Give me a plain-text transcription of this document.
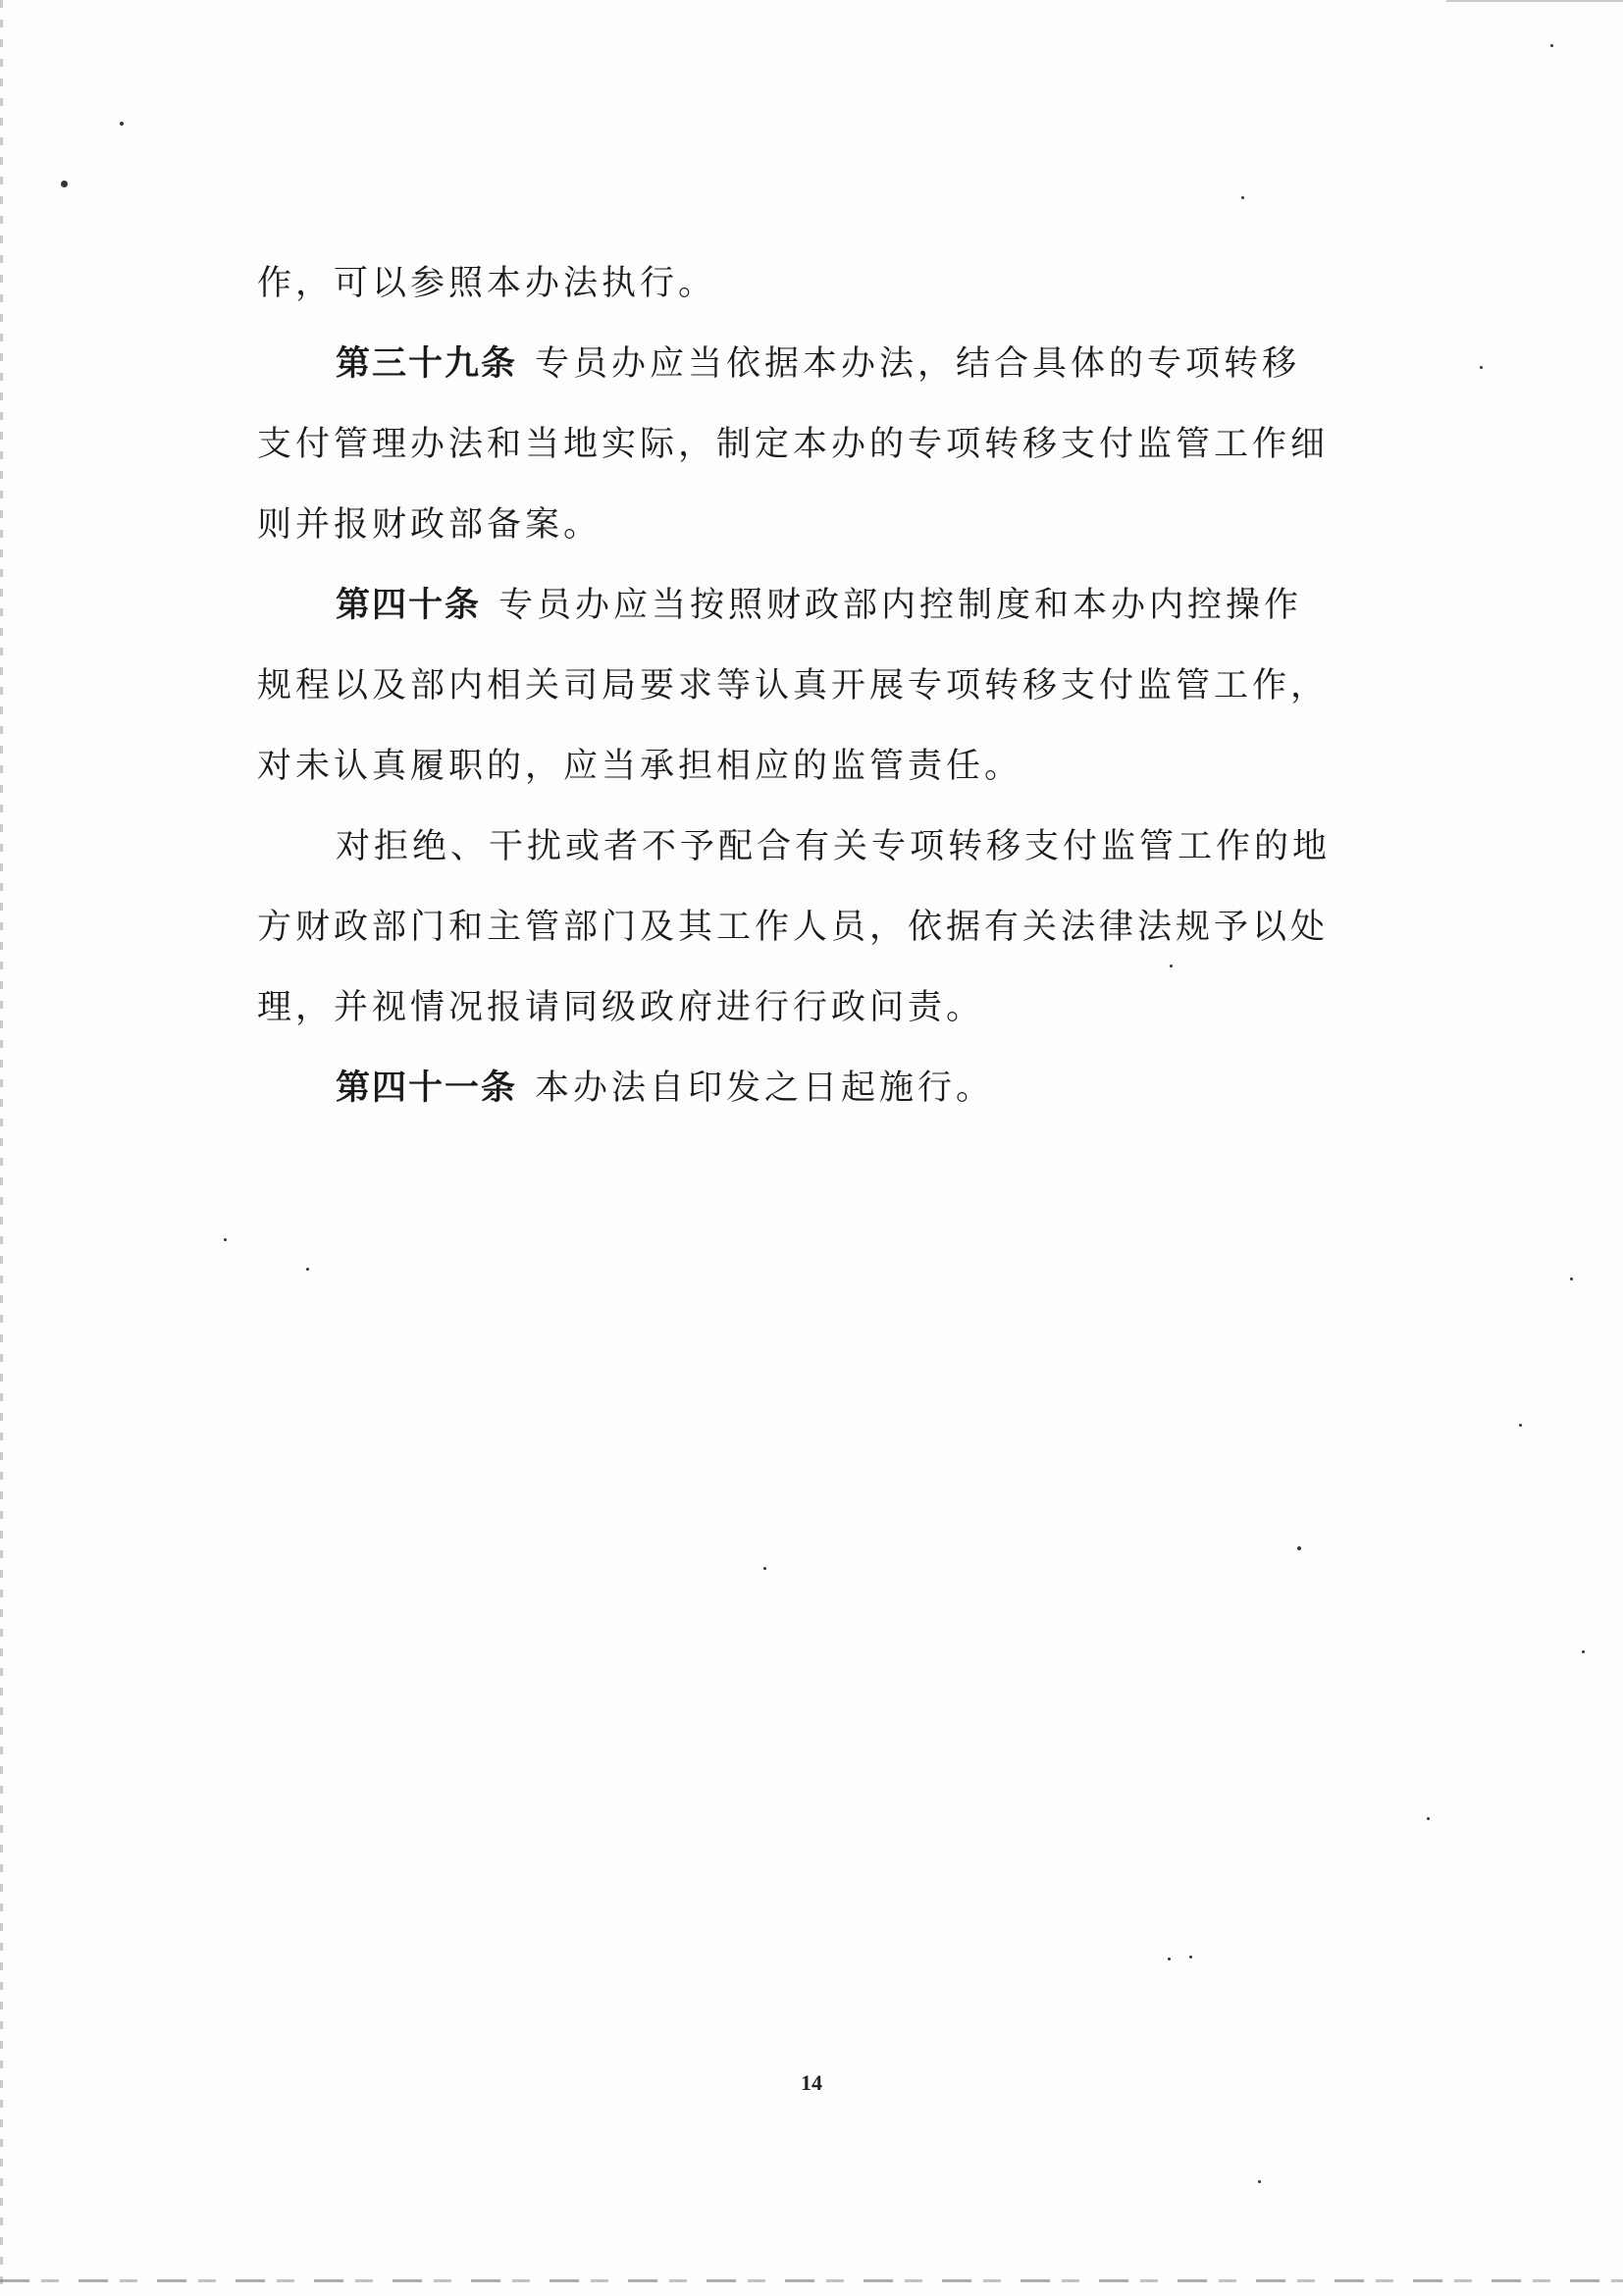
作，可以参照本办法执行。
第三十九条 专员办应当依据本办法，结合具体的专项转移
支付管理办法和当地实际，制定本办的专项转移支付监管工作细
则并报财政部备案。
第四十条 专员办应当按照财政部内控制度和本办内控操作
规程以及部内相关司局要求等认真开展专项转移支付监管工作，
对未认真履职的，应当承担相应的监管责任。
对拒绝、干扰或者不予配合有关专项转移支付监管工作的地
方财政部门和主管部门及其工作人员，依据有关法律法规予以处
理，并视情况报请同级政府进行行政问责。
第四十一条 本办法自印发之日起施行。
14
